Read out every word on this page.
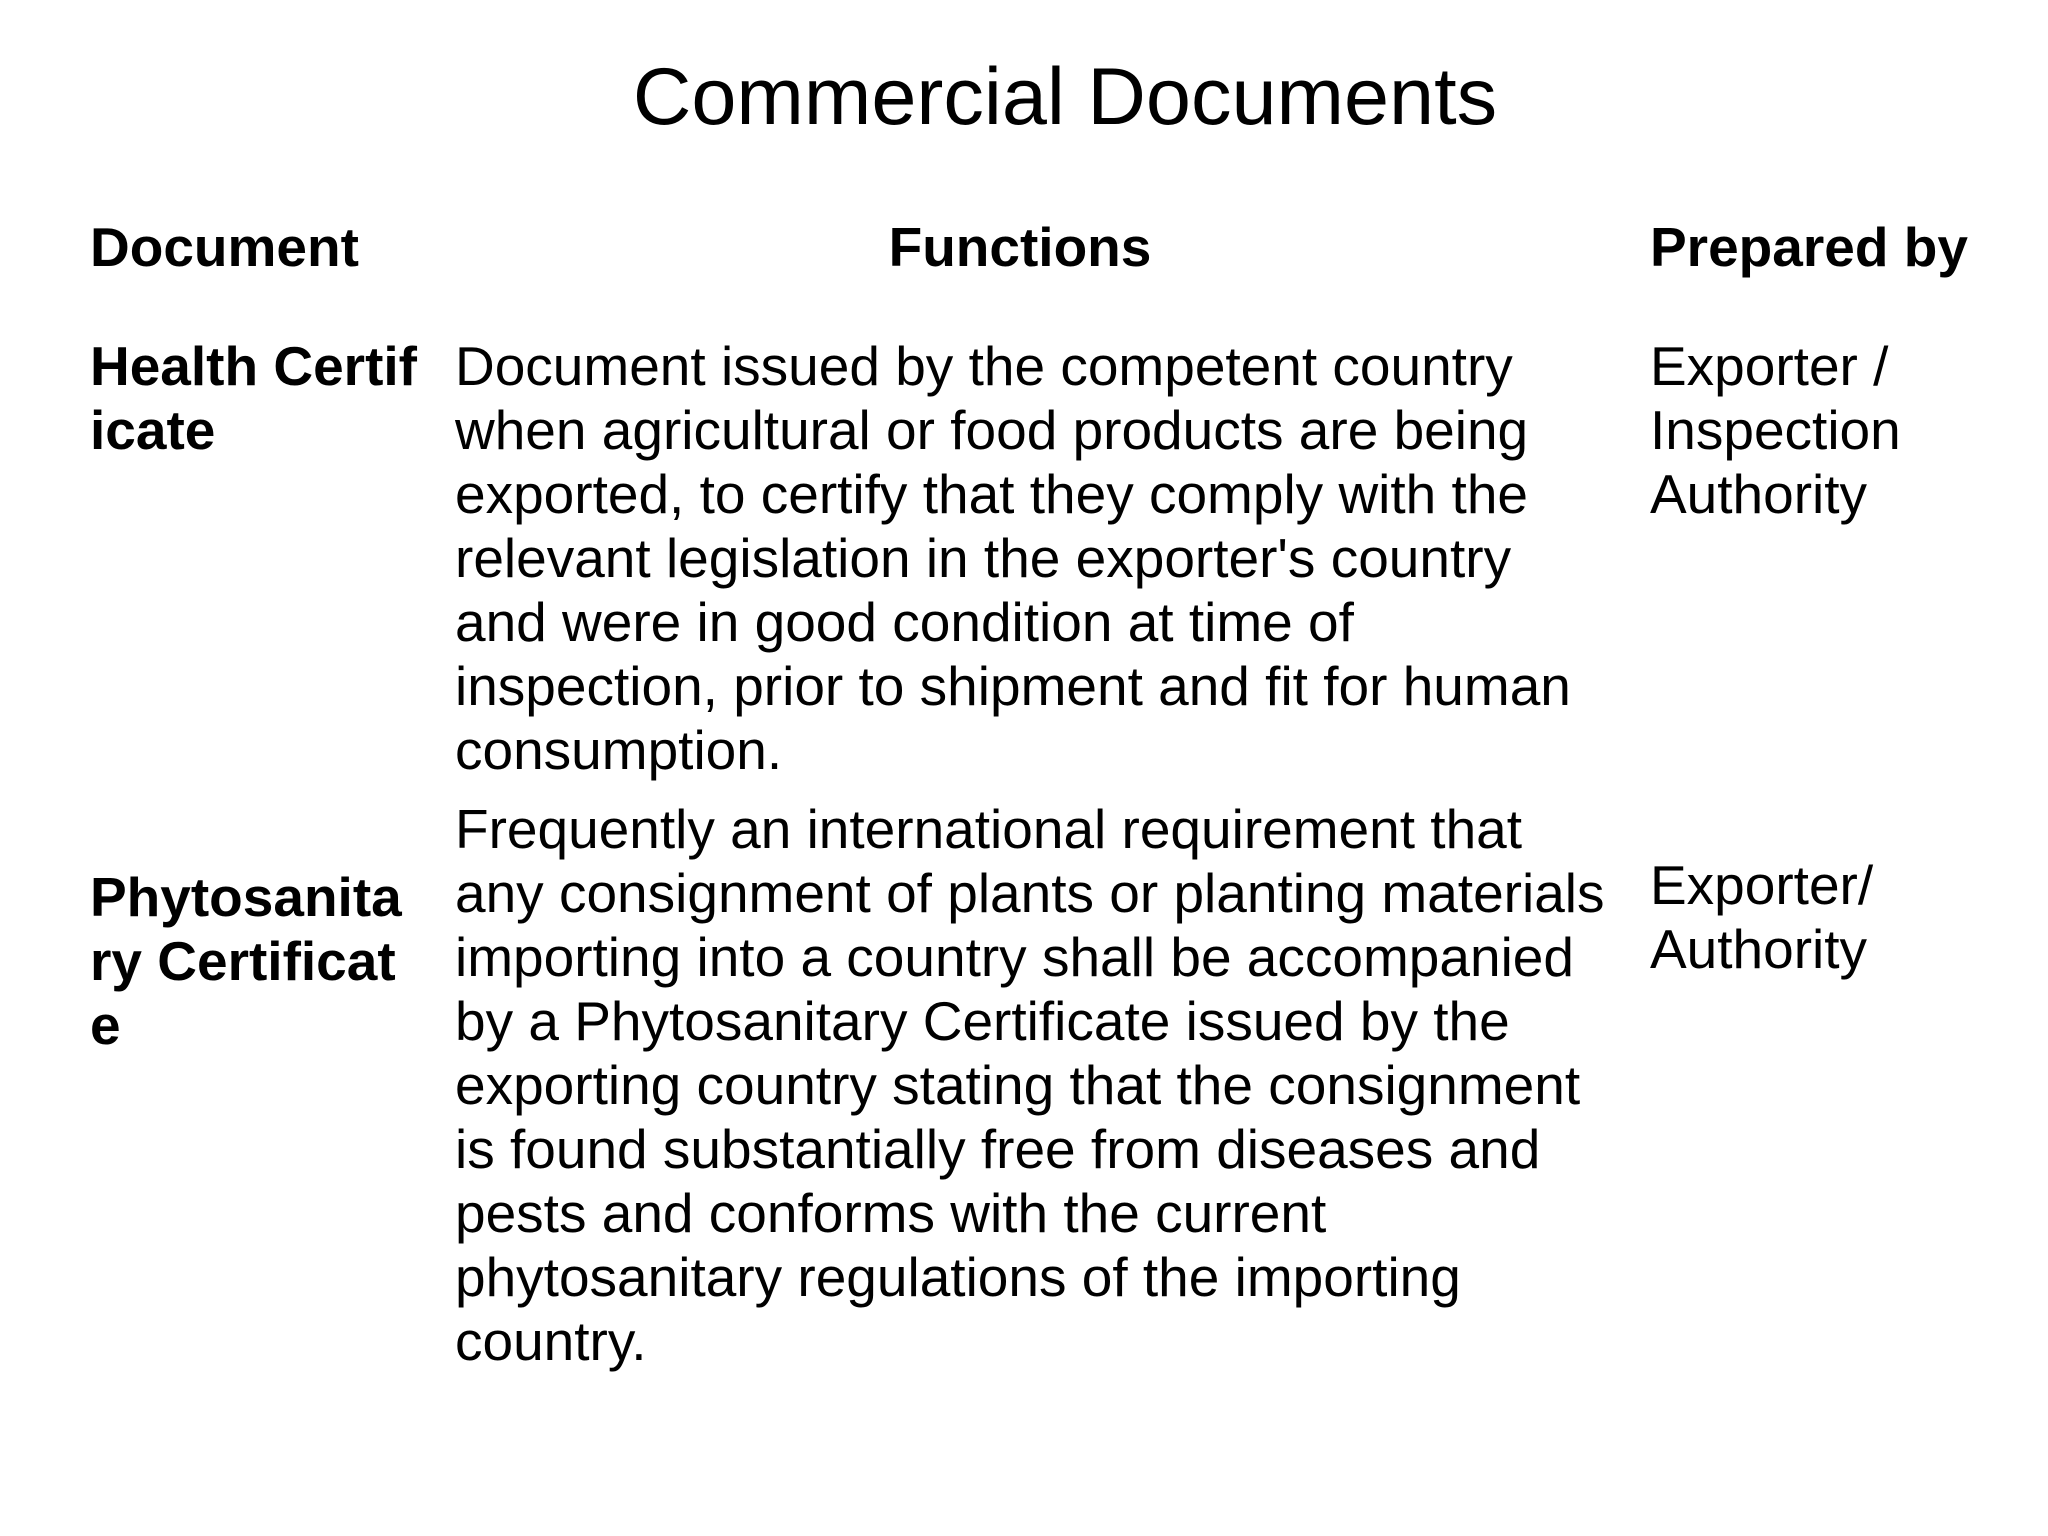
Commercial Documents
Document	Functions	Prepared by
Health Certificate
Document issued by the competent country when agricultural or food products are being exported, to certify that they comply with the relevant legislation in the exporter's country and were in good condition at time of inspection, prior to shipment and fit for human consumption.
Exporter / Inspection Authority
Phytosanitary Certificate
Frequently an international requirement that any consignment of plants or planting materials importing into a country shall be accompanied by a Phytosanitary Certificate issued by the exporting country stating that the consignment is found substantially free from diseases and pests and conforms with the current phytosanitary regulations of the importing country.
Exporter/ Authority
